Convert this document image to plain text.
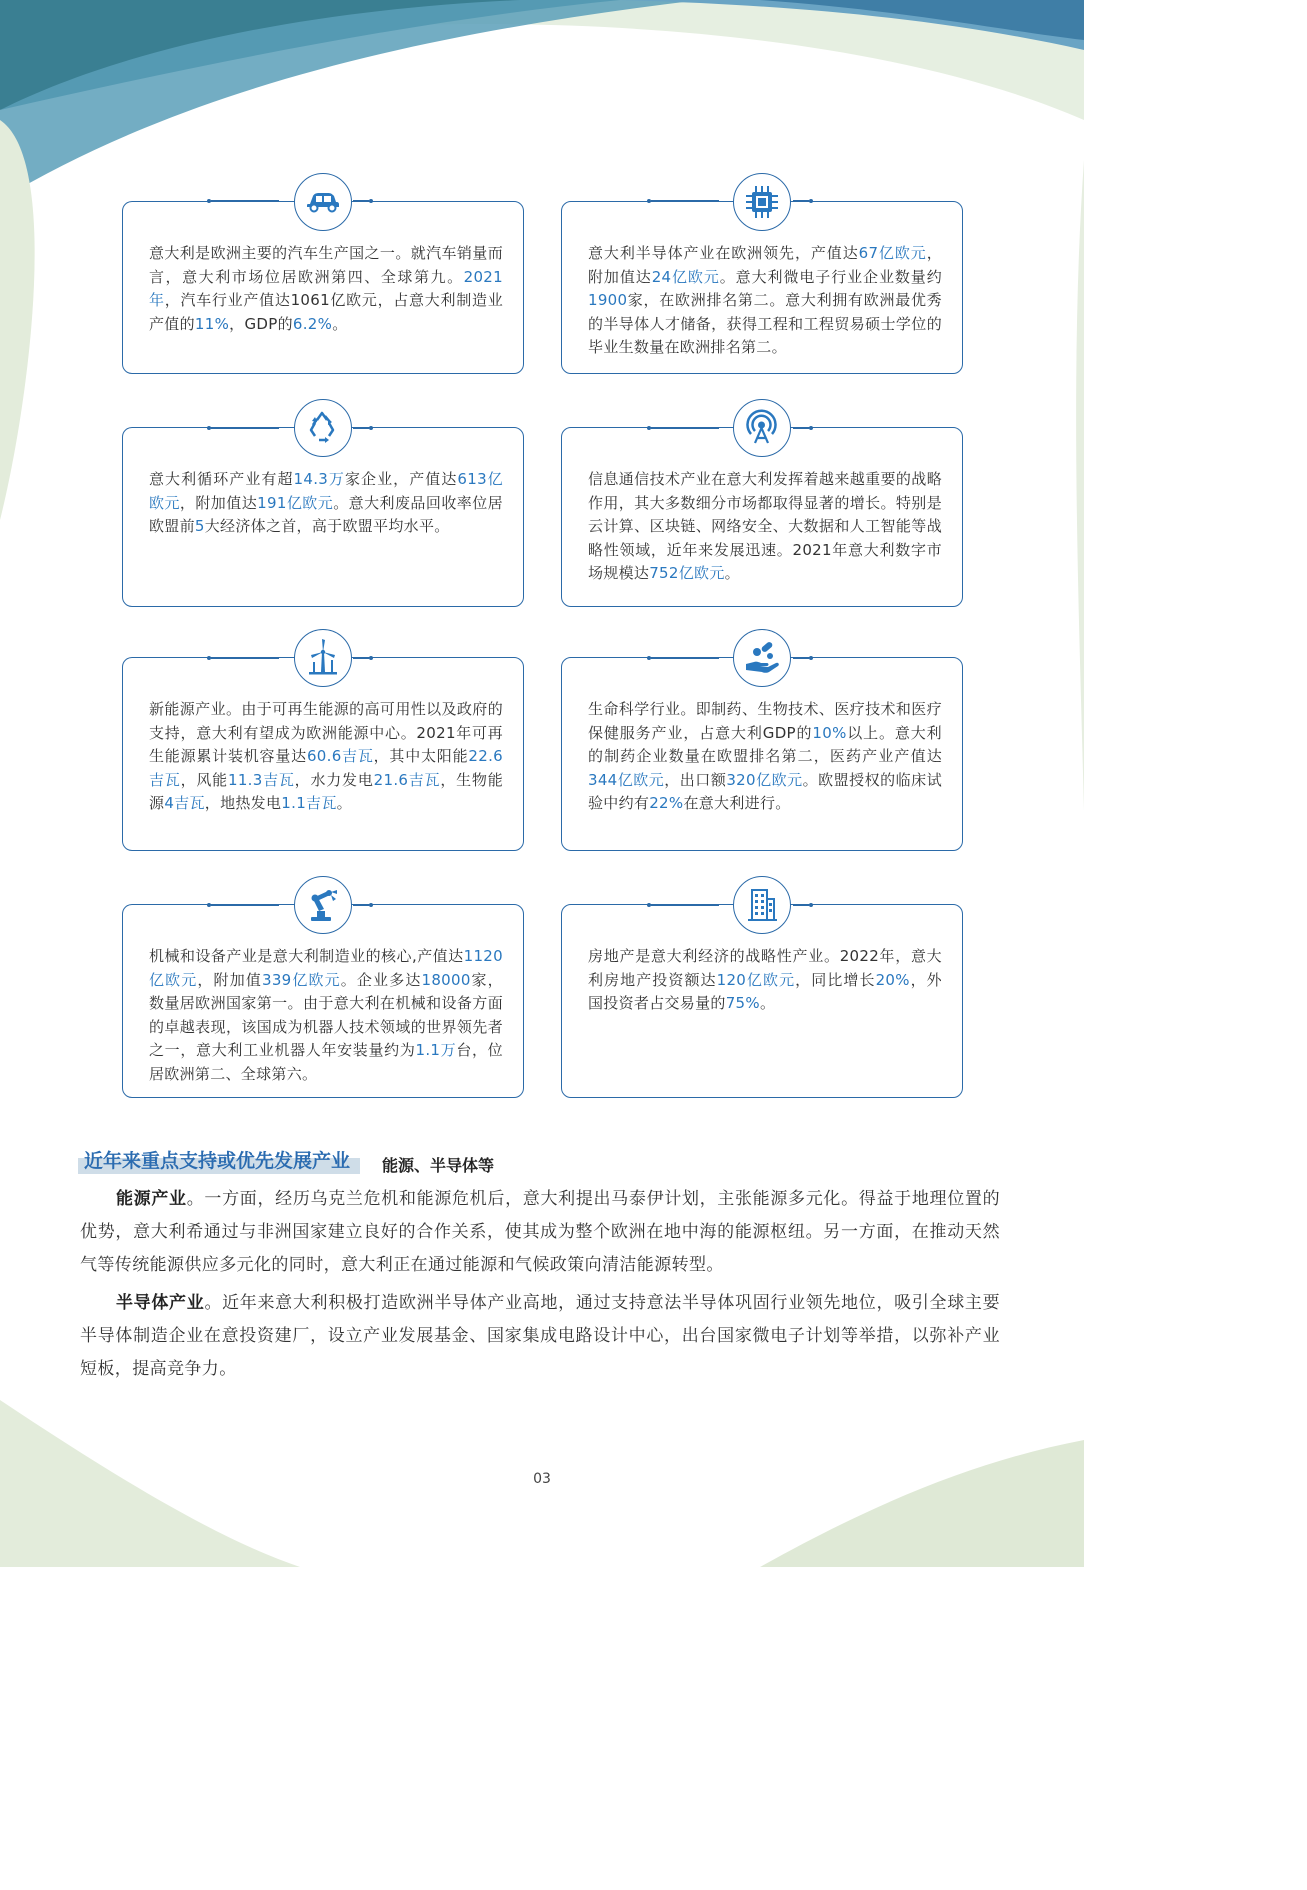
意大利是欧洲主要的汽车生产国之一。就汽车销量而言，意大利市场位居欧洲第四、全球第九。2021年，汽车行业产值达1061亿欧元，占意大利制造业产值的11%，GDP的6.2%。
意大利半导体产业在欧洲领先，产值达67亿欧元，附加值达24亿欧元。意大利微电子行业企业数量约1900家，在欧洲排名第二。意大利拥有欧洲最优秀的半导体人才储备，获得工程和工程贸易硕士学位的毕业生数量在欧洲排名第二。
意大利循环产业有超14.3万家企业，产值达613亿欧元，附加值达191亿欧元。意大利废品回收率位居欧盟前5大经济体之首，高于欧盟平均水平。
信息通信技术产业在意大利发挥着越来越重要的战略作用，其大多数细分市场都取得显著的增长。特别是云计算、区块链、网络安全、大数据和人工智能等战略性领域，近年来发展迅速。2021年意大利数字市场规模达752亿欧元。
新能源产业。由于可再生能源的高可用性以及政府的支持，意大利有望成为欧洲能源中心。2021年可再生能源累计装机容量达60.6吉瓦，其中太阳能22.6吉瓦，风能11.3吉瓦，水力发电21.6吉瓦，生物能源4吉瓦，地热发电1.1吉瓦。
生命科学行业。即制药、生物技术、医疗技术和医疗保健服务产业，占意大利GDP的10%以上。意大利的制药企业数量在欧盟排名第二，医药产业产值达344亿欧元，出口额320亿欧元。欧盟授权的临床试验中约有22%在意大利进行。
机械和设备产业是意大利制造业的核心,产值达1120亿欧元，附加值339亿欧元。企业多达18000家，数量居欧洲国家第一。由于意大利在机械和设备方面的卓越表现，该国成为机器人技术领域的世界领先者之一，意大利工业机器人年安装量约为1.1万台，位居欧洲第二、全球第六。
房地产是意大利经济的战略性产业。2022年，意大利房地产投资额达120亿欧元，同比增长20%，外国投资者占交易量的75%。
近年来重点支持或优先发展产业 能源、半导体等
能源产业。一方面，经历乌克兰危机和能源危机后，意大利提出马泰伊计划，主张能源多元化。得益于地理位置的优势，意大利希通过与非洲国家建立良好的合作关系，使其成为整个欧洲在地中海的能源枢纽。另一方面，在推动天然气等传统能源供应多元化的同时，意大利正在通过能源和气候政策向清洁能源转型。
半导体产业。近年来意大利积极打造欧洲半导体产业高地，通过支持意法半导体巩固行业领先地位，吸引全球主要半导体制造企业在意投资建厂，设立产业发展基金、国家集成电路设计中心，出台国家微电子计划等举措，以弥补产业短板，提高竞争力。
03
